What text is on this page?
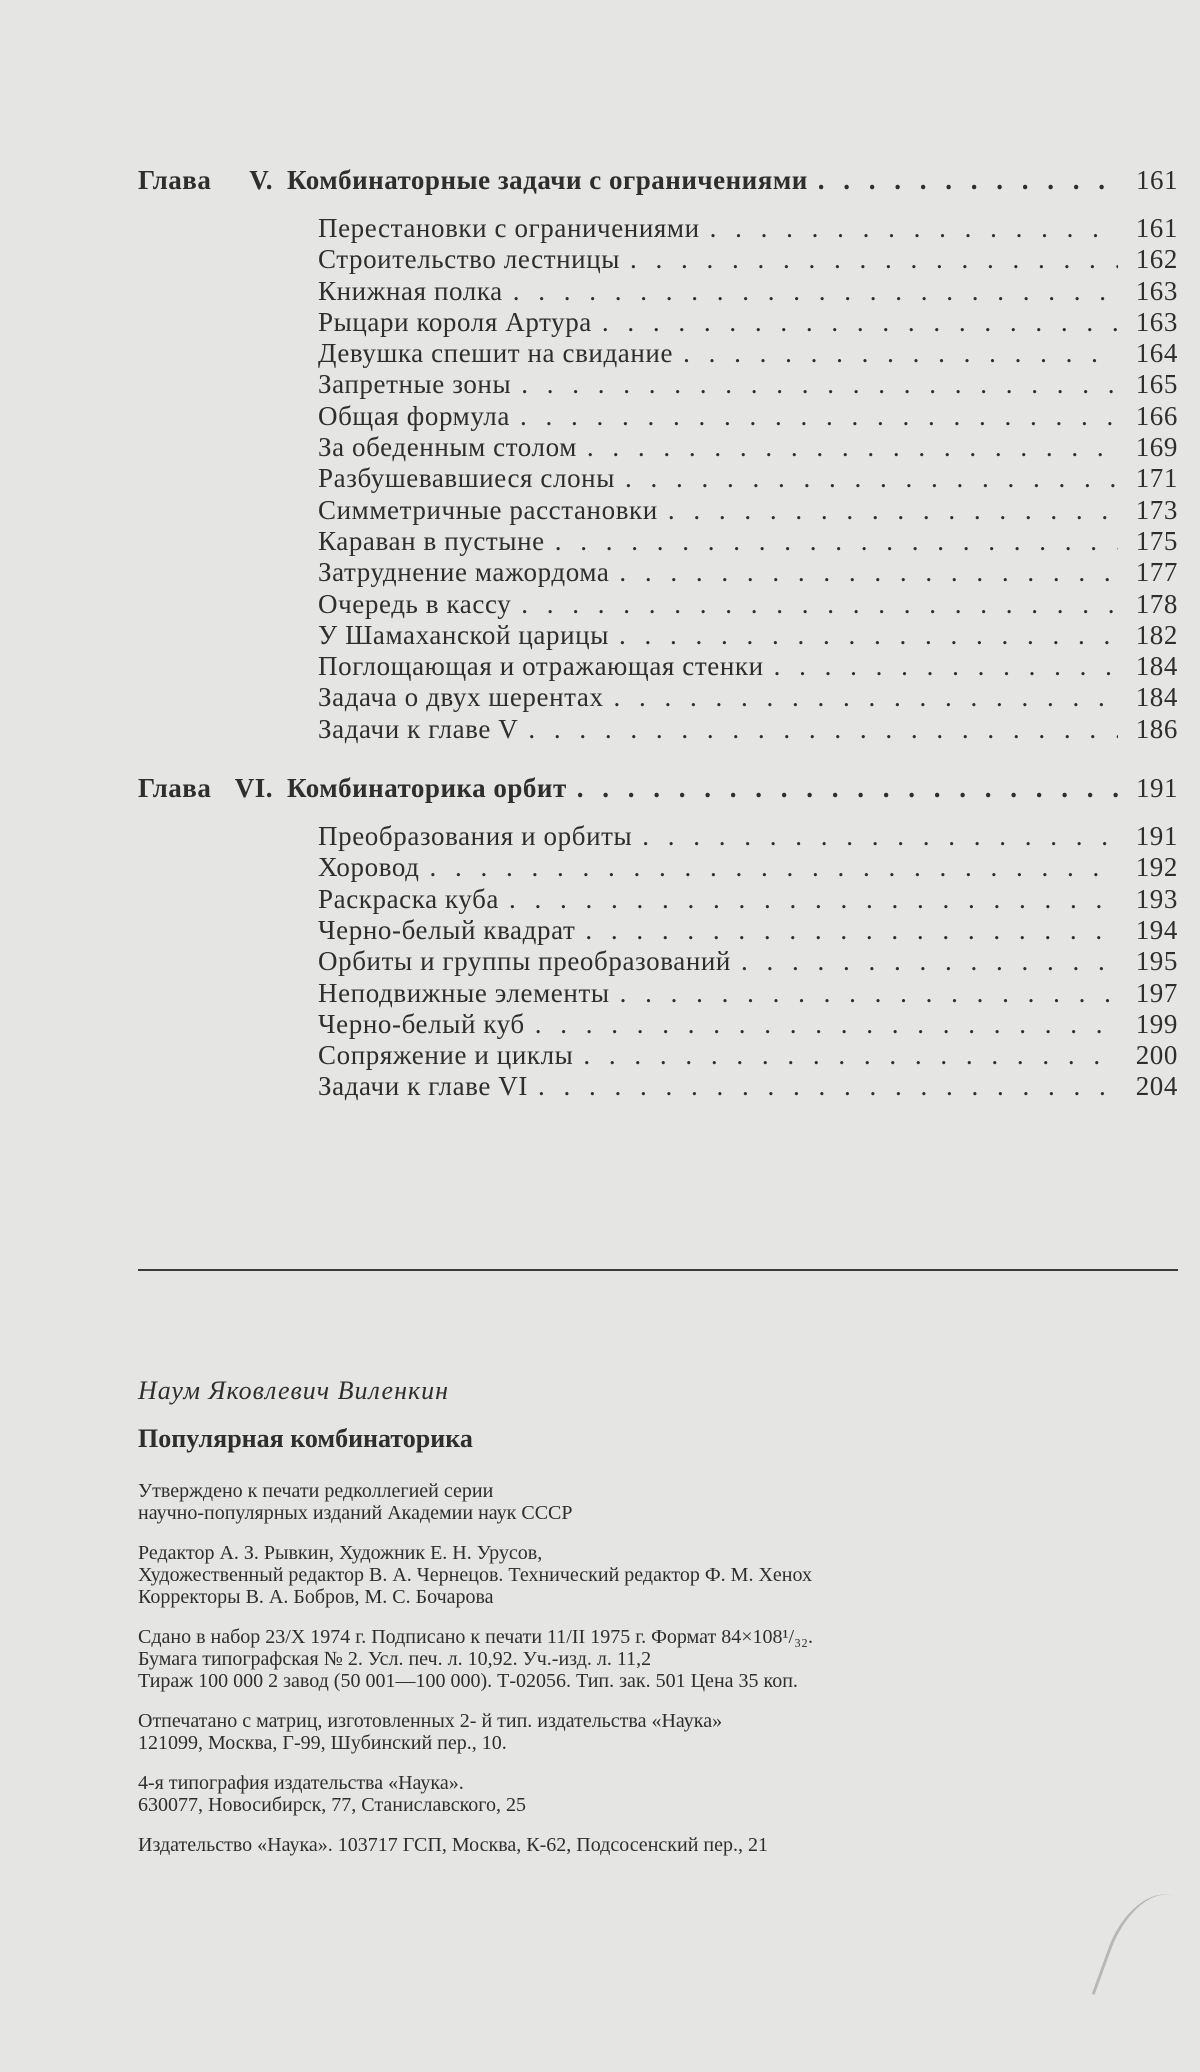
Глава	V. Комбинаторные задачи с ограничениями . . .	161
Перестановки с ограничениями . . .	161
Строительство лестницы . . .	162
Книжная полка . . .	163
Рыцари короля Артура . . .	163
Девушка спешит на свидание . . .	164
Запретные зоны . . .	165
Общая формула . . .	166
За обеденным столом . . .	169
Разбушевавшиеся слоны . . .	171
Симметричные расстановки . . .	173
Караван в пустыне . . .	175
Затруднение мажордома . . .	177
Очередь в кассу . . .	178
У Шамаханской царицы . . .	182
Поглощающая и отражающая стенки . . .	184
Задача о двух шерентах . . .	184
Задачи к главе V . . .	186
Глава VI. Комбинаторика орбит . . .	191
Преобразования и орбиты . . .	191
Хоровод . . .	192
Раскраска куба . . .	193
Черно-белый квадрат . . .	194
Орбиты и группы преобразований . . .	195
Неподвижные элементы . . .	197
Черно-белый куб . . .	199
Сопряжение и циклы . . .	200
Задачи к главе VI . . .	204
Наум Яковлевич Виленкин
Популярная комбинаторика
Утверждено к печати редколлегией серии
научно-популярных изданий Академии наук СССР
Редактор А. З. Рывкин, Художник Е. Н. Урусов,
Художественный редактор В. А. Чернецов. Технический редактор Ф. М. Хенох
Корректоры В. А. Бобров, М. С. Бочарова
Сдано в набор 23/X 1974 г. Подписано к печати 11/II 1975 г. Формат 84×108¹/₃₂.
Бумага типографская № 2. Усл. печ. л. 10,92. Уч.-изд. л. 11,2
Тираж 100 000 2 завод (50 001—100 000). Т-02056. Тип. зак. 501 Цена 35 коп.
Отпечатано с матриц, изготовленных 2- й тип. издательства «Наука»
121099, Москва, Г-99, Шубинский пер., 10.
4-я типография издательства «Наука».
630077, Новосибирск, 77, Станиславского, 25
Издательство «Наука». 103717 ГСП, Москва, К-62, Подсосенский пер., 21
